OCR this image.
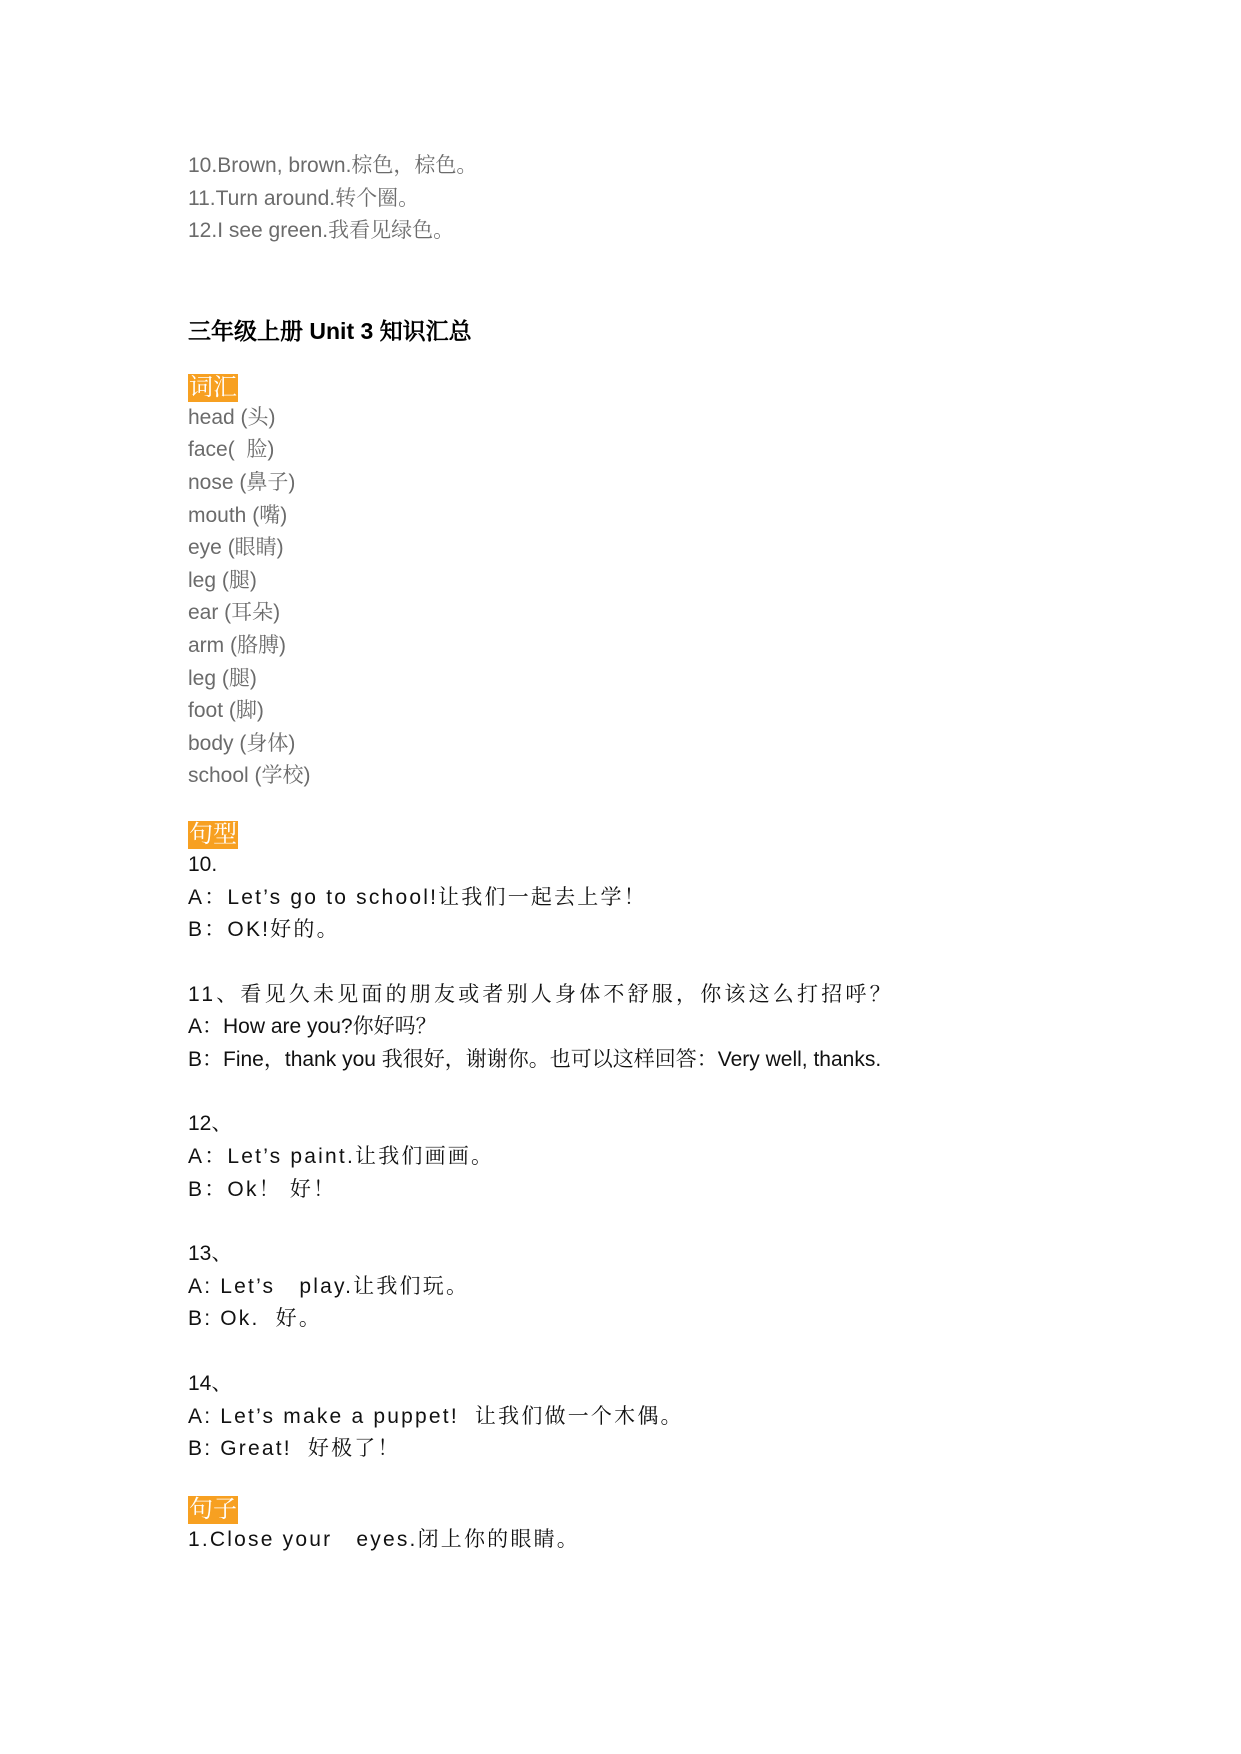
10.Brown, brown.棕色，棕色。
11.Turn around.转个圈。
12.I see green.我看见绿色。
三年级上册 Unit 3 知识汇总
词汇
head (头)
face(  脸)
nose (鼻子)
mouth (嘴)
eye (眼睛)
leg (腿)
ear (耳朵)
arm (胳膊)
leg (腿)
foot (脚)
body (身体)
school (学校)
句型
10.
A：Let’s go to school!让我们一起去上学！
B：OK!好的。
11、看见久未见面的朋友或者别人身体不舒服，你该这么打招呼？
A：How are you?你好吗？
B：Fine，thank you 我很好，谢谢你。也可以这样回答：Very well, thanks.
12、
A：Let’s paint.让我们画画。
B：Ok！ 好！
13、
A: Let’s   play.让我们玩。
B: Ok.  好。
14、
A: Let’s make a puppet!  让我们做一个木偶。
B: Great!  好极了！
句子
1.Close your   eyes.闭上你的眼睛。
